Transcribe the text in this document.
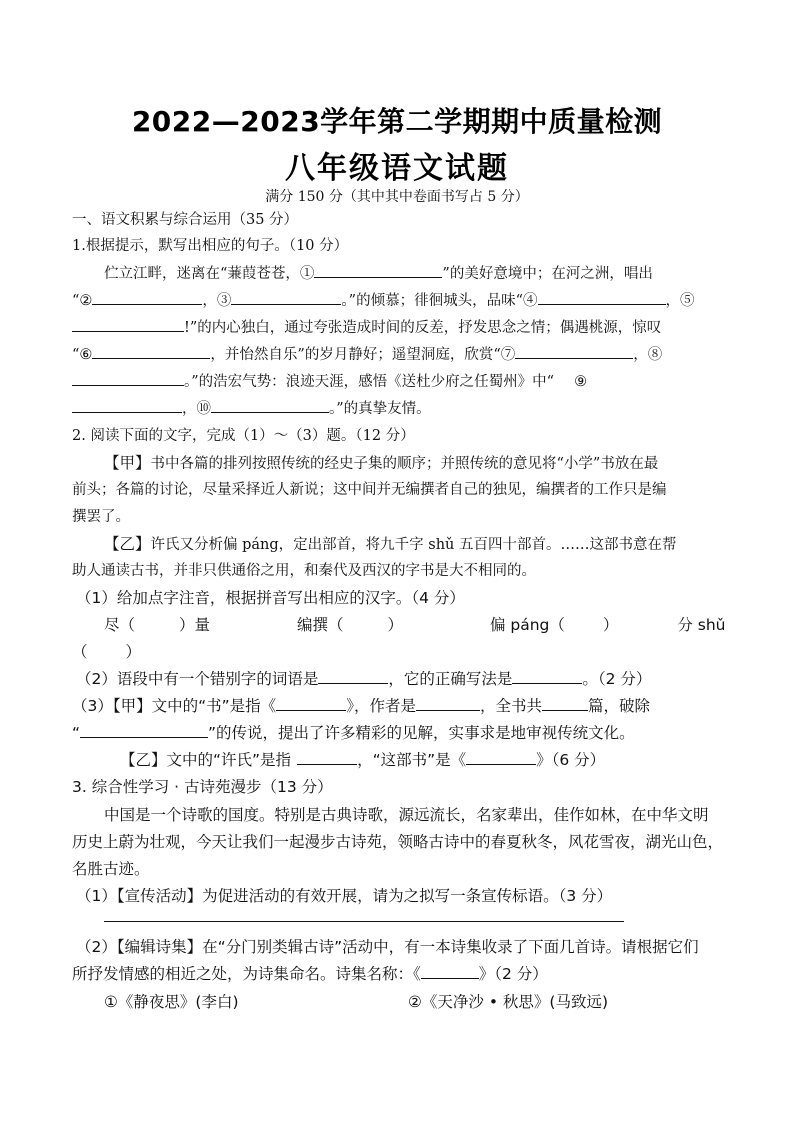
2022—2023学年第二学期期中质量检测
八年级语文试题
满分 150 分（其中其中卷面书写占 5 分）
一、语文积累与综合运用（35 分）
1.根据提示，默写出相应的句子。（10 分）
伫立江畔，迷离在“蒹葭苍苍，①	”的美好意境中；在河之洲，唱出
“②	，③	。”的倾慕；徘徊城头，品味“④	，⑤
!”的内心独白，通过夸张造成时间的反差，抒发思念之情；偶遇桃源，惊叹
“⑥	，并怡然自乐”的岁月静好；遥望洞庭，欣赏“⑦	，⑧
。”的浩宏气势：浪迹天涯，感悟《送杜少府之任蜀州》中“ ⑨
，⑩	。”的真挚友情。
2. 阅读下面的文字，完成（1）～（3）题。（12 分）
【甲】书中各篇的排列按照传统的经史子集的顺序；并照传统的意见将“小学”书放在最
前头；各篇的讨论，尽量采择近人新说；这中间并无编撰者自己的独见，编撰者的工作只是编
撰罢了。
【乙】许氏又分析偏 páng，定出部首，将九千字 shǔ 五百四十部首。……这部书意在帮
助人通读古书，并非只供通俗之用，和秦代及西汉的字书是大不相同的。
（1）给加点字注音，根据拼音写出相应的汉字。（4 分）
尽（	）量	编撰（	）	偏 páng（ ）	分 shǔ
（ ）
（2）语段中有一个错别字的词语是	，它的正确写法是	。（2 分）
（3）【甲】文中的“书”是指《	》，作者是	，全书共	篇，破除
“	”的传说，提出了许多精彩的见解，实事求是地审视传统文化。
【乙】文中的“许氏”是指	，“这部书”是《	》（6 分）
3. 综合性学习 · 古诗苑漫步（13 分）
中国是一个诗歌的国度。特别是古典诗歌，源远流长，名家辈出，佳作如林，在中华文明
历史上蔚为壮观，今天让我们一起漫步古诗苑，领略古诗中的春夏秋冬，风花雪夜，湖光山色，
名胜古迹。
（1）【宣传活动】为促进活动的有效开展，请为之拟写一条宣传标语。（3 分）
（2）【编辑诗集】在“分门别类辑古诗”活动中，有一本诗集收录了下面几首诗。请根据它们
所抒发情感的相近之处，为诗集命名。诗集名称：《	》（2 分）
①《静夜思》(李白)	②《天净沙 • 秋思》(马致远)
